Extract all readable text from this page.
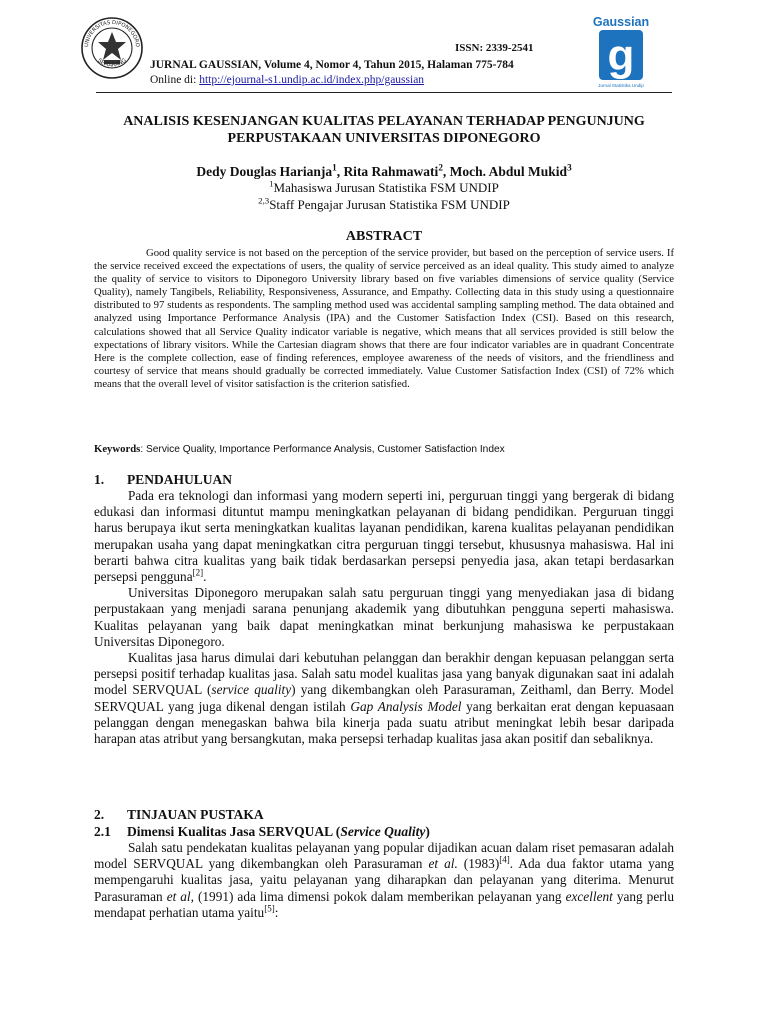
UNIVERSITAS DIPONEGORO
SEMARANG
Gaussian
g
Jurnal Statistika Undip
ISSN: 2339-2541
JURNAL GAUSSIAN, Volume 4, Nomor 4, Tahun 2015, Halaman 775-784
Online di: http://ejournal-s1.undip.ac.id/index.php/gaussian
ANALISIS KESENJANGAN KUALITAS PELAYANAN TERHADAP PENGUNJUNG
PERPUSTAKAAN UNIVERSITAS DIPONEGORO
Dedy Douglas Harianja$^1$, Rita Rahmawati$^2$, Moch. Abdul Mukid$^3$
$^1$Mahasiswa Jurusan Statistika FSM UNDIP
$^{2,3}$Staff Pengajar Jurusan Statistika FSM UNDIP
ABSTRACT
Good quality service is not based on the perception of the service provider, but based on the perception of service users. If the service received exceed the expectations of users, the quality of service perceived as an ideal quality. This study aimed to analyze the quality of service to visitors to Diponegoro University library based on five variables dimensions of service quality (Service Quality), namely Tangibels, Reliability, Responsiveness, Assurance, and Empathy. Collecting data in this study using a questionnaire distributed to 97 students as respondents. The sampling method used was accidental sampling sampling method. The data obtained and analyzed using Importance Performance Analysis (IPA) and the Customer Satisfaction Index (CSI). Based on this research, calculations showed that all Service Quality indicator variable is negative, which means that all services provided is still below the expectations of library visitors. While the Cartesian diagram shows that there are four indicator variables are in quadrant Concentrate Here is the complete collection, ease of finding references, employee awareness of the needs of visitors, and the friendliness and courtesy of service that means should gradually be corrected immediately. Value Customer Satisfaction Index (CSI) of 72% which means that the overall level of visitor satisfaction is the criterion satisfied.
Keywords: Service Quality, Importance Performance Analysis, Customer Satisfaction Index
1. PENDAHULUAN

Pada era teknologi dan informasi yang modern seperti ini, perguruan tinggi yang bergerak di bidang edukasi dan informasi dituntut mampu meningkatkan pelayanan di bidang pendidikan. Perguruan tinggi harus berupaya ikut serta meningkatkan kualitas layanan pendidikan, karena kualitas pelayanan pendidikan merupakan usaha yang dapat meningkatkan citra perguruan tinggi tersebut, khususnya mahasiswa. Hal ini berarti bahwa citra kualitas yang baik tidak berdasarkan persepsi penyedia jasa, akan tetapi berdasarkan persepsi pengguna[2].

Universitas Diponegoro merupakan salah satu perguruan tinggi yang menyediakan jasa di bidang perpustakaan yang menjadi sarana penunjang akademik yang dibutuhkan pengguna seperti mahasiswa. Kualitas pelayanan yang baik dapat meningkatkan minat berkunjung mahasiswa ke perpustakaan Universitas Diponegoro.

Kualitas jasa harus dimulai dari kebutuhan pelanggan dan berakhir dengan kepuasan pelanggan serta persepsi positif terhadap kualitas jasa. Salah satu model kualitas jasa yang banyak digunakan saat ini adalah model SERVQUAL (service quality) yang dikembangkan oleh Parasuraman, Zeithaml, dan Berry. Model SERVQUAL yang juga dikenal dengan istilah Gap Analysis Model yang berkaitan erat dengan kepuasaan pelanggan dengan menegaskan bahwa bila kinerja pada suatu atribut meningkat lebih besar daripada harapan atas atribut yang bersangkutan, maka persepsi terhadap kualitas jasa akan positif dan sebaliknya.

2. TINJAUAN PUSTAKA
2.1 Dimensi Kualitas Jasa SERVQUAL (Service Quality)

Salah satu pendekatan kualitas pelayanan yang popular dijadikan acuan dalam riset pemasaran adalah model SERVQUAL yang dikembangkan oleh Parasuraman et al. (1983)[4]. Ada dua faktor utama yang mempengaruhi kualitas jasa, yaitu pelayanan yang diharapkan dan pelayanan yang diterima. Menurut Parasuraman et al, (1991) ada lima dimensi pokok dalam memberikan pelayanan yang excellent yang perlu mendapat perhatian utama yaitu[5]:
